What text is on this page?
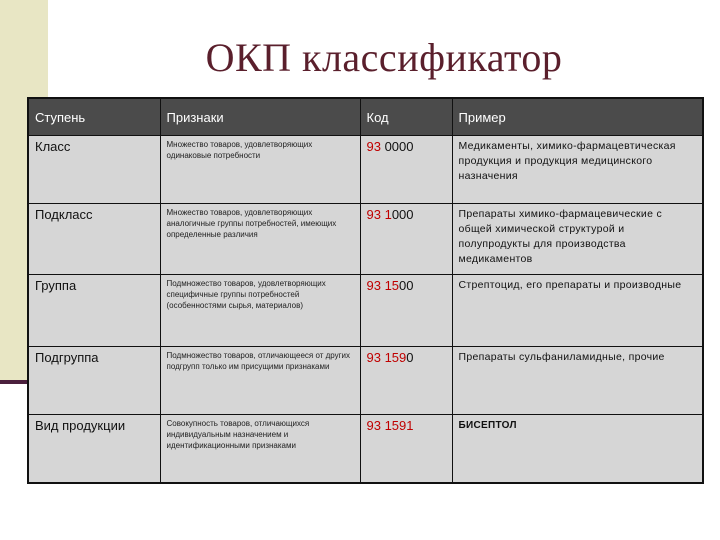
ОКП классификатор
Ступень	Признаки	Код	Пример
Класс	Множество товаров, удовлетворяющих одинаковые потребности	93 0000	Медикаменты, химико-фармацевтическая продукция и продукция медицинского назначения
Подкласс	Множество товаров, удовлетворяющих аналогичные группы потребностей, имеющих определенные различия	93 1000	Препараты химико-фармацевические с общей химической структурой и полупродукты для производства медикаментов
Группа	Подмножество товаров, удовлетворяющих специфичные группы потребностей (особенностями сырья, материалов)	93 1500	Стрептоцид, его препараты и производные
Подгруппа	Подмножество товаров, отличающееся от других подгрупп только им присущими признаками	93 1590	Препараты сульфаниламидные, прочие
Вид продукции	Совокупность товаров, отличающихся индивидуальным назначением и идентификационными признаками	93 1591	БИСЕПТОЛ
